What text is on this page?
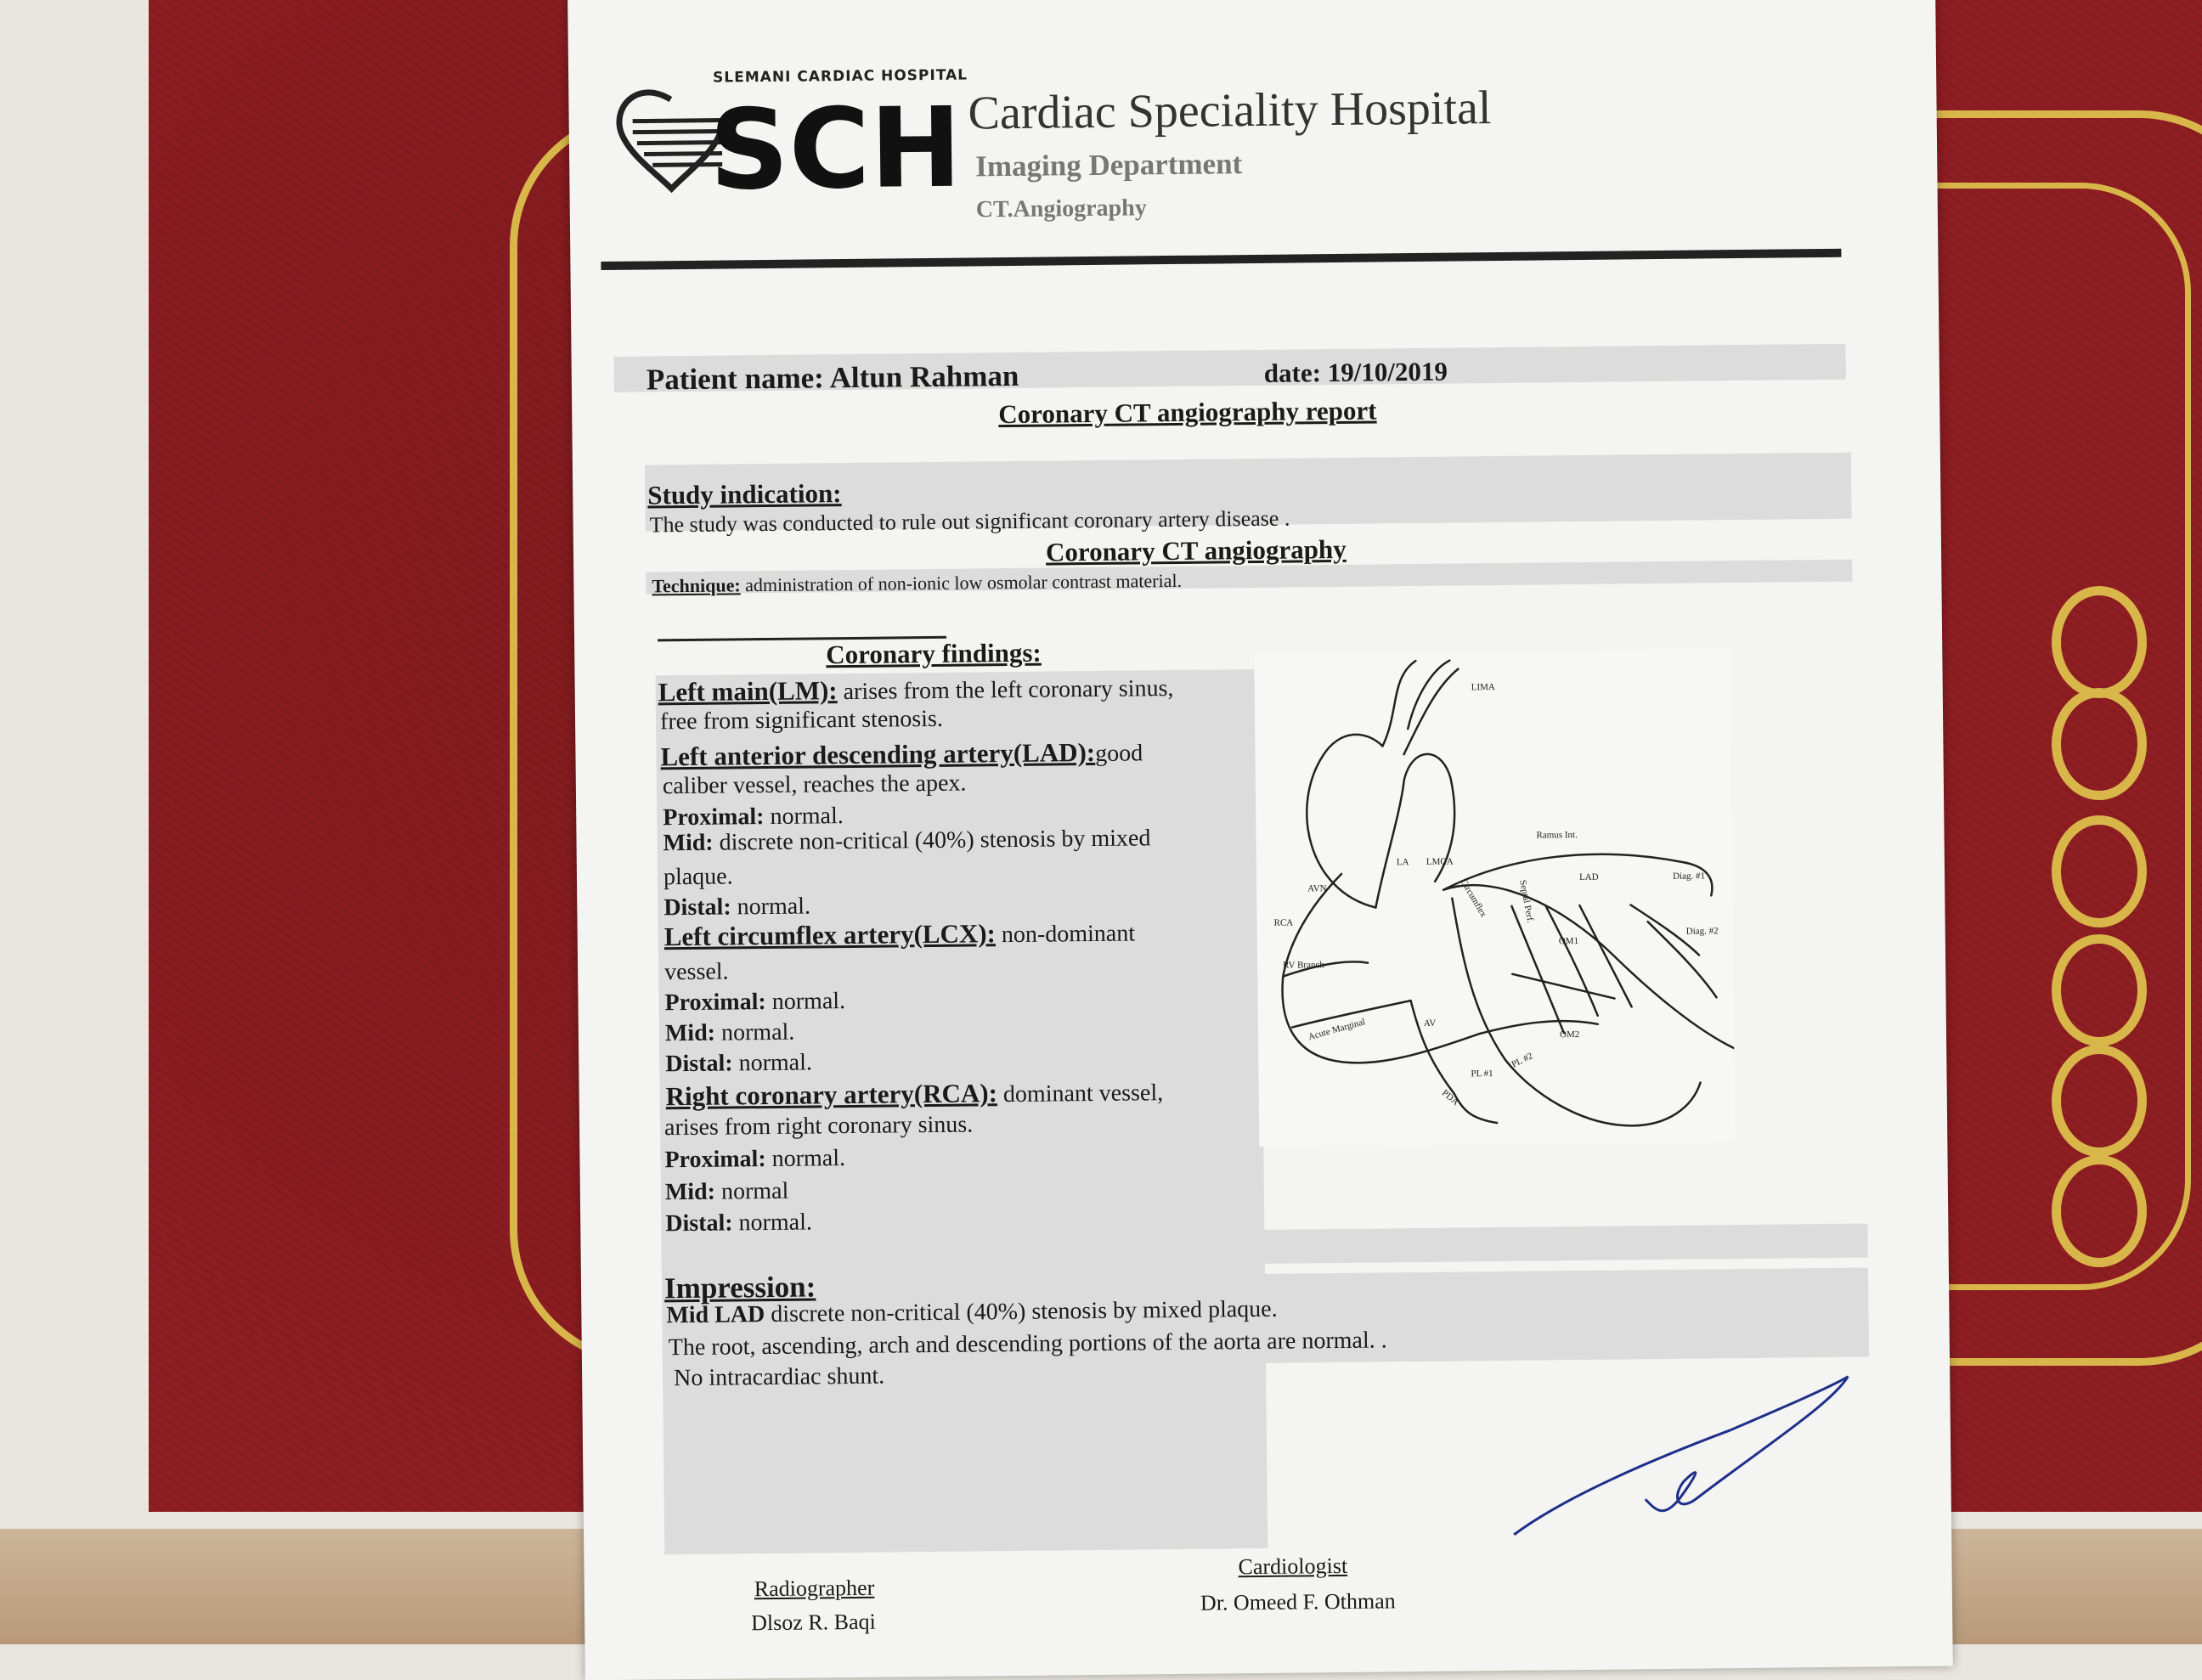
SLEMANI CARDIAC HOSPITAL
SCH Cardiac Speciality Hospital
Imaging Department
CT.Angiography
Patient name: Altun Rahman	date: 19/10/2019
Coronary CT angiography report
Study indication:
The study was conducted to rule out significant coronary artery disease .
Coronary CT angiography
Technique: administration of non-ionic low osmolar contrast material.
Coronary findings:
Left main(LM): arises from the left coronary sinus,
free from significant stenosis.
Left anterior descending artery(LAD):good
caliber vessel, reaches the apex.
Proximal: normal.
Mid: discrete non-critical (40%) stenosis by mixed
plaque.
Distal: normal.
Left circumflex artery(LCX): non-dominant
vessel.
Proximal: normal.
Mid: normal.
Distal: normal.
Right coronary artery(RCA): dominant vessel,
arises from right coronary sinus.
Proximal: normal.
Mid: normal
Distal: normal.
LIMA
Ramus Int.
LA LMCA
Diag. #1
Diag. #2
AVN
RCA
Circumflex	Septal Perf.
LAD
OM1
OM2
RV Branch
Acute Marginal	AV
PL #1
PL #2
PDA
Impression:
Mid LAD discrete non-critical (40%) stenosis by mixed plaque.
The root, ascending, arch and descending portions of the aorta are normal. .
No intracardiac shunt.
Cardiologist
Dr. Omeed F. Othman
Radiographer
Dlsoz R. Baqi
